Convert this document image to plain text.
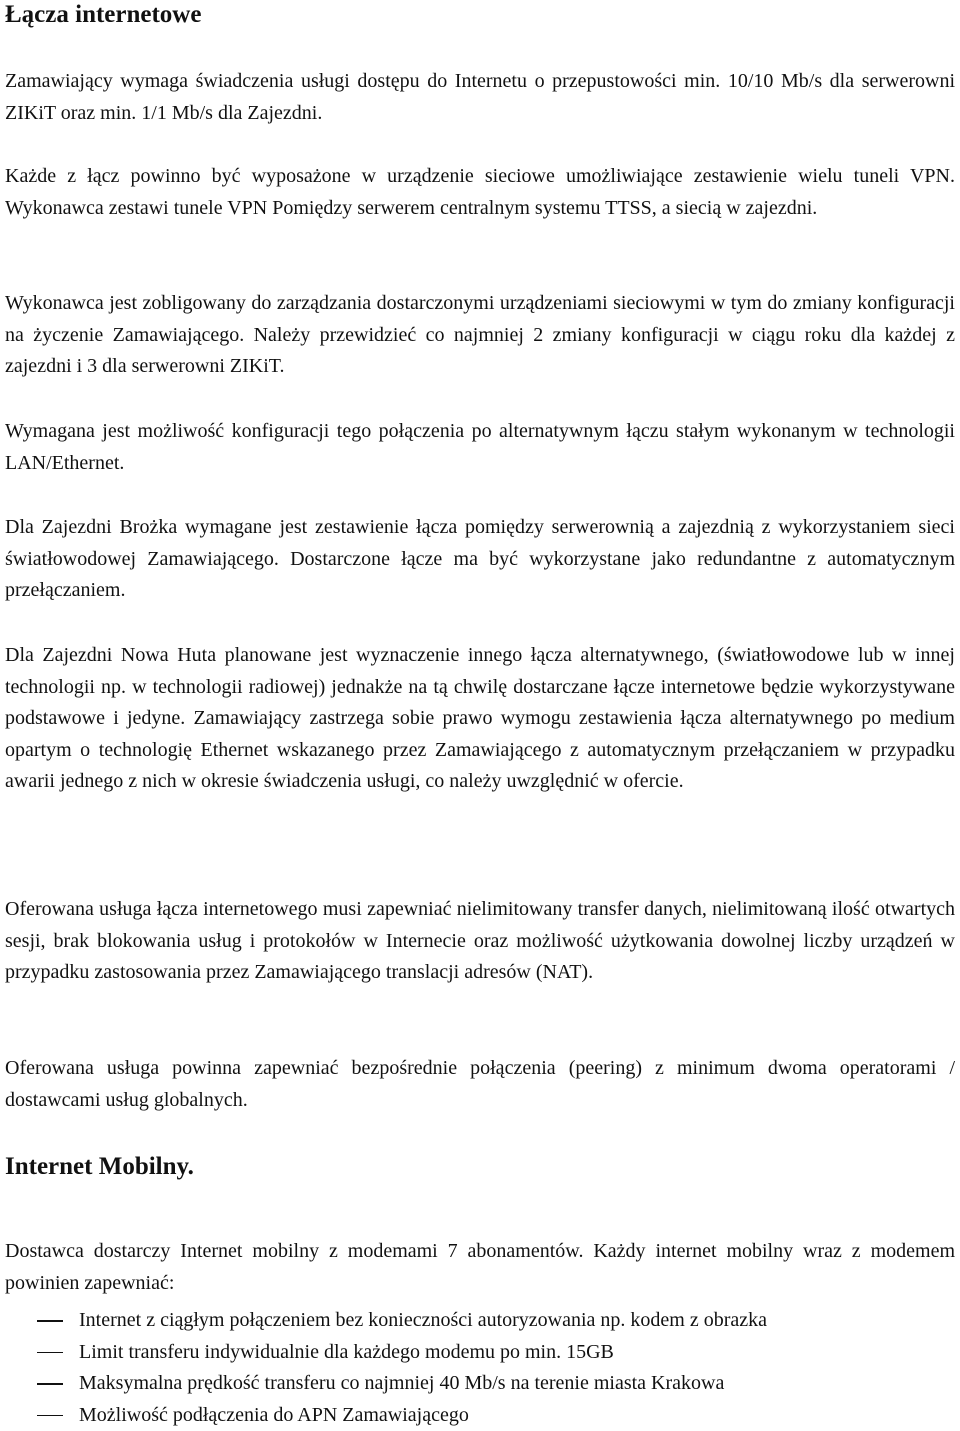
Łącza internetowe
Zamawiający wymaga świadczenia usługi dostępu do Internetu o przepustowości min. 10/10 Mb/s dla serwerowni ZIKiT oraz min. 1/1 Mb/s dla Zajezdni.
Każde z łącz powinno być wyposażone w urządzenie sieciowe umożliwiające zestawienie wielu tuneli VPN. Wykonawca zestawi tunele VPN Pomiędzy serwerem centralnym systemu TTSS, a siecią w zajezdni.
Wykonawca jest zobligowany do zarządzania dostarczonymi urządzeniami sieciowymi w tym do zmiany konfiguracji na życzenie Zamawiającego. Należy przewidzieć co najmniej 2 zmiany konfiguracji w ciągu roku dla każdej z zajezdni i 3 dla serwerowni ZIKiT.
Wymagana jest możliwość konfiguracji tego połączenia po alternatywnym łączu stałym wykonanym w technologii LAN/Ethernet.
Dla Zajezdni Brożka wymagane jest zestawienie łącza pomiędzy serwerownią a zajezdnią z wykorzystaniem sieci światłowodowej Zamawiającego. Dostarczone łącze ma być wykorzystane jako redundantne z automatycznym przełączaniem.
Dla Zajezdni Nowa Huta planowane jest wyznaczenie innego łącza alternatywnego, (światłowodowe lub w innej technologii np. w technologii radiowej) jednakże na tą chwilę dostarczane łącze internetowe będzie wykorzystywane podstawowe i jedyne. Zamawiający zastrzega sobie prawo wymogu zestawienia łącza alternatywnego po medium opartym o technologię Ethernet wskazanego przez Zamawiającego z automatycznym przełączaniem w przypadku awarii jednego z nich w okresie świadczenia usługi, co należy uwzględnić w ofercie.
Oferowana usługa łącza internetowego musi zapewniać nielimitowany transfer danych, nielimitowaną ilość otwartych sesji, brak blokowania usług i protokołów w Internecie oraz możliwość użytkowania dowolnej liczby urządzeń w przypadku zastosowania przez Zamawiającego translacji adresów (NAT).
Oferowana usługa powinna zapewniać bezpośrednie połączenia (peering) z minimum dwoma operatorami / dostawcami usług globalnych.
Internet Mobilny.
Dostawca dostarczy Internet mobilny z modemami 7 abonamentów. Każdy internet mobilny wraz z modemem powinien zapewniać:
Internet z ciągłym połączeniem bez konieczności autoryzowania np. kodem z obrazka
Limit transferu indywidualnie dla każdego modemu po min. 15GB
Maksymalna prędkość transferu co najmniej 40 Mb/s na terenie miasta Krakowa
Możliwość podłączenia do APN Zamawiającego
